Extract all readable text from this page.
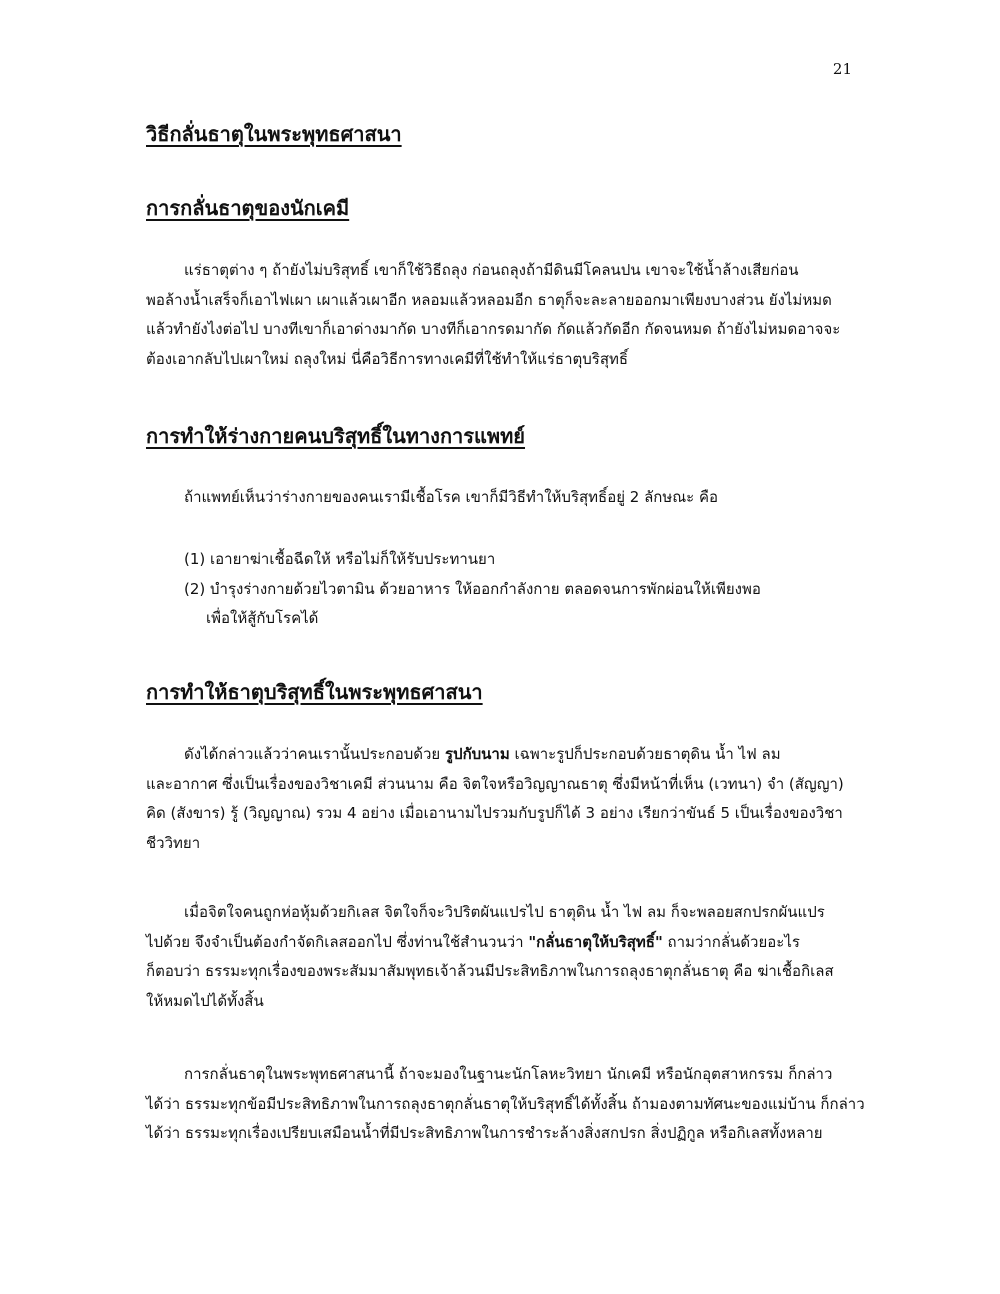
21
วิธีกลั่นธาตุในพระพุทธศาสนา
การกลั่นธาตุของนักเคมี
แร่ธาตุต่าง ๆ ถ้ายังไม่บริสุทธิ์ เขาก็ใช้วิธีถลุง ก่อนถลุงถ้ามีดินมีโคลนปน เขาจะใช้น้ำล้างเสียก่อน
พอล้างน้ำเสร็จก็เอาไฟเผา เผาแล้วเผาอีก หลอมแล้วหลอมอีก ธาตุก็จะละลายออกมาเพียงบางส่วน ยังไม่หมด
แล้วทำยังไงต่อไป บางทีเขาก็เอาด่างมากัด บางทีก็เอากรดมากัด กัดแล้วกัดอีก กัดจนหมด ถ้ายังไม่หมดอาจจะ
ต้องเอากลับไปเผาใหม่ ถลุงใหม่ นี่คือวิธีการทางเคมีที่ใช้ทำให้แร่ธาตุบริสุทธิ์
การทำให้ร่างกายคนบริสุทธิ์ในทางการแพทย์
ถ้าแพทย์เห็นว่าร่างกายของคนเรามีเชื้อโรค เขาก็มีวิธีทำให้บริสุทธิ์อยู่ 2 ลักษณะ คือ
(1) เอายาฆ่าเชื้อฉีดให้ หรือไม่ก็ให้รับประทานยา
(2) บำรุงร่างกายด้วยไวตามิน ด้วยอาหาร ให้ออกกำลังกาย ตลอดจนการพักผ่อนให้เพียงพอ
เพื่อให้สู้กับโรคได้
การทำให้ธาตุบริสุทธิ์ในพระพุทธศาสนา
ดังได้กล่าวแล้วว่าคนเรานั้นประกอบด้วย รูปกับนาม เฉพาะรูปก็ประกอบด้วยธาตุดิน น้ำ ไฟ ลม
และอากาศ ซึ่งเป็นเรื่องของวิชาเคมี ส่วนนาม คือ จิตใจหรือวิญญาณธาตุ ซึ่งมีหน้าที่เห็น (เวทนา) จำ (สัญญา)
คิด (สังขาร) รู้ (วิญญาณ) รวม 4 อย่าง เมื่อเอานามไปรวมกับรูปก็ได้ 3 อย่าง เรียกว่าขันธ์ 5 เป็นเรื่องของวิชา
ชีววิทยา
เมื่อจิตใจคนถูกห่อหุ้มด้วยกิเลส จิตใจก็จะวิปริตผันแปรไป ธาตุดิน น้ำ ไฟ ลม ก็จะพลอยสกปรกผันแปร
ไปด้วย จึงจำเป็นต้องกำจัดกิเลสออกไป ซึ่งท่านใช้สำนวนว่า "กลั่นธาตุให้บริสุทธิ์" ถามว่ากลั่นด้วยอะไร
ก็ตอบว่า ธรรมะทุกเรื่องของพระสัมมาสัมพุทธเจ้าล้วนมีประสิทธิภาพในการถลุงธาตุกลั่นธาตุ คือ ฆ่าเชื้อกิเลส
ให้หมดไปได้ทั้งสิ้น
การกลั่นธาตุในพระพุทธศาสนานี้ ถ้าจะมองในฐานะนักโลหะวิทยา นักเคมี หรือนักอุตสาหกรรม ก็กล่าว
ได้ว่า ธรรมะทุกข้อมีประสิทธิภาพในการถลุงธาตุกลั่นธาตุให้บริสุทธิ์ได้ทั้งสิ้น ถ้ามองตามทัศนะของแม่บ้าน ก็กล่าว
ได้ว่า ธรรมะทุกเรื่องเปรียบเสมือนน้ำที่มีประสิทธิภาพในการชำระล้างสิ่งสกปรก สิ่งปฏิกูล หรือกิเลสทั้งหลาย
